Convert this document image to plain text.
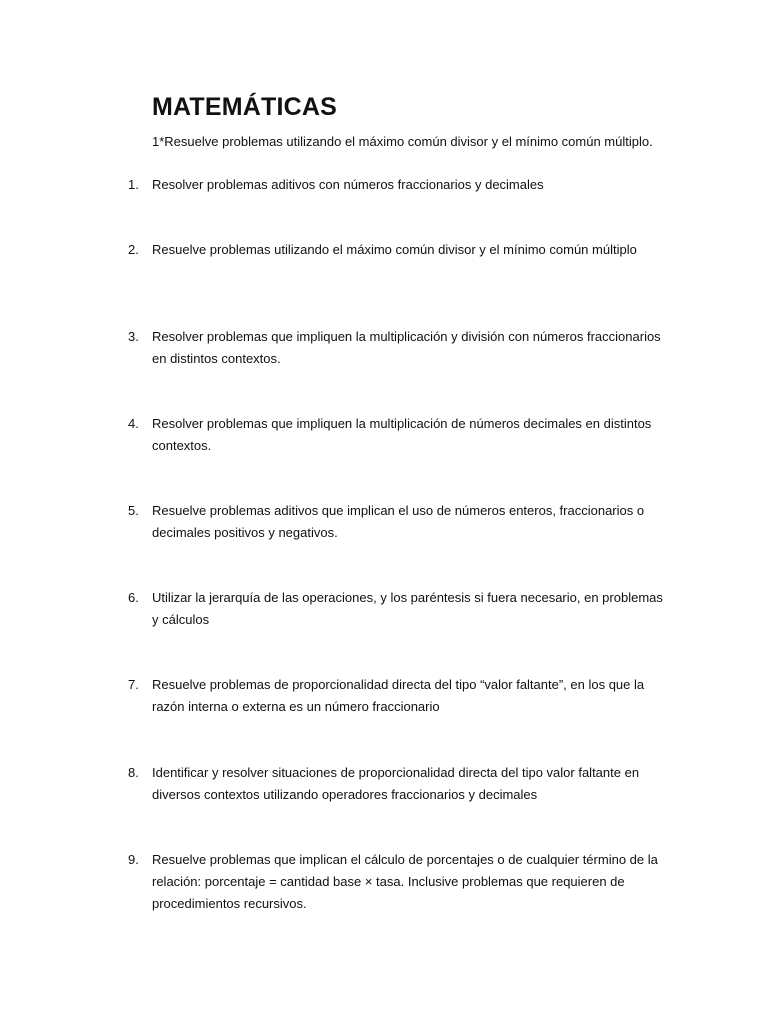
MATEMÁTICAS

1*Resuelve problemas utilizando el máximo común divisor y el mínimo común múltiplo.

1.	Resolver problemas aditivos con números fraccionarios y decimales
2.	Resuelve problemas utilizando el máximo común divisor y el mínimo común múltiplo
3.	Resolver problemas que impliquen la multiplicación y división con números fraccionarios en distintos contextos.
4.	Resolver problemas que impliquen la multiplicación de números decimales en distintos contextos.
5.	Resuelve problemas aditivos que implican el uso de números enteros, fraccionarios o decimales positivos y negativos.
6.	Utilizar la jerarquía de las operaciones, y los paréntesis si fuera necesario, en problemas y cálculos
7.	Resuelve problemas de proporcionalidad directa del tipo “valor faltante”, en los que la razón interna o externa es un número fraccionario
8.	Identificar y resolver situaciones de proporcionalidad directa del tipo valor faltante en diversos contextos utilizando operadores fraccionarios y decimales
9.	Resuelve problemas que implican el cálculo de porcentajes o de cualquier término de la relación: porcentaje = cantidad base × tasa. Inclusive problemas que requieren de procedimientos recursivos.
